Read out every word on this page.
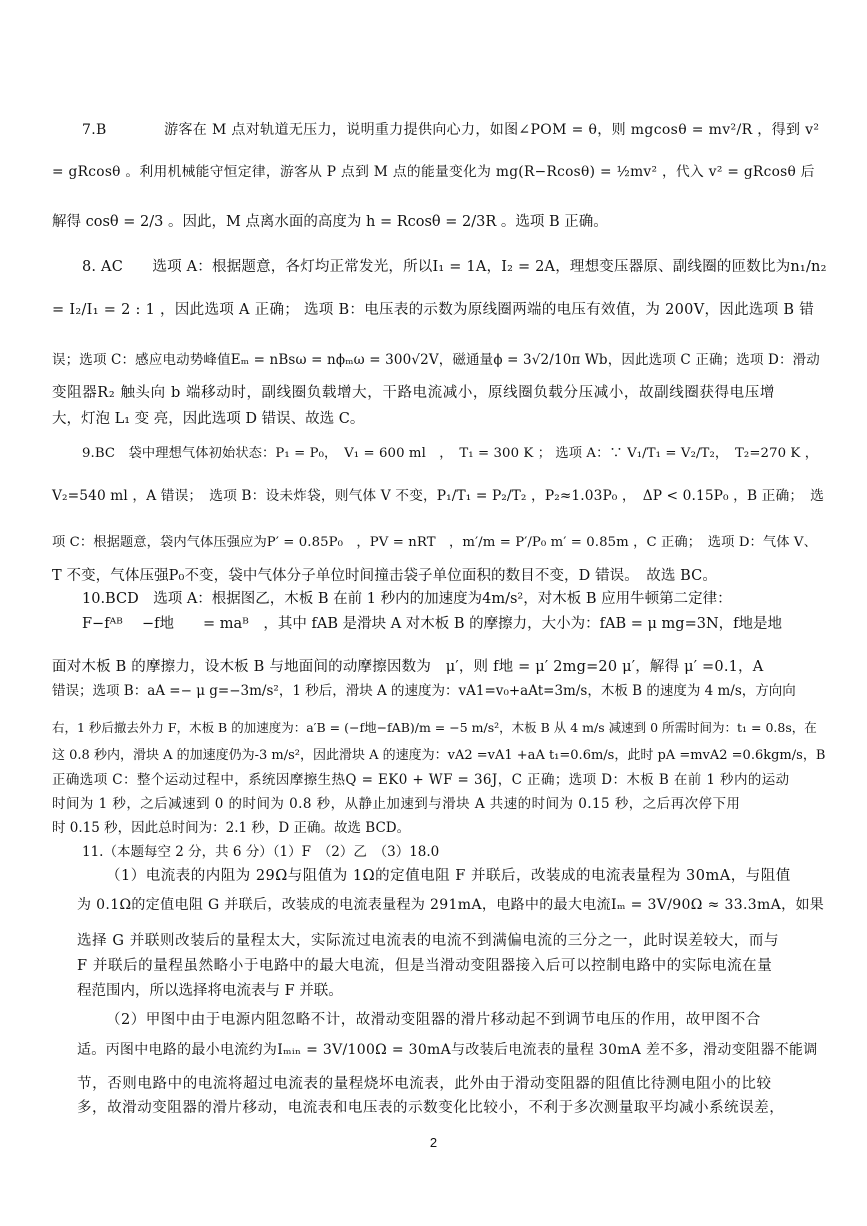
7.B　　　　游客在 M 点对轨道无压力，说明重力提供向心力，如图∠POM = θ，则 mgcosθ = mv²/R ，得到 v²
= gRcosθ 。利用机械能守恒定律，游客从 P 点到 M 点的能量变化为 mg(R−Rcosθ) = ½mv² ，代入 v² = gRcosθ 后
解得 cosθ = 2/3 。因此，M 点离水面的高度为 h = Rcosθ = 2/3R 。选项 B 正确。
8. AC　　选项 A：根据题意，各灯均正常发光，所以I₁ = 1A，I₂ = 2A，理想变压器原、副线圈的匝数比为n₁/n₂
= I₂/I₁ = 2 : 1 ，因此选项 A 正确； 选项 B：电压表的示数为原线圈两端的电压有效值，为 200V，因此选项 B 错
误；选项 C：感应电动势峰值Eₘ = nBsω = nϕₘω = 300√2V，磁通量ϕ = 3√2/10π Wb，因此选项 C 正确；选项 D：滑动
变阻器R₂ 触头向 b 端移动时，副线圈负载增大，干路电流减小，原线圈负载分压减小，故副线圈获得电压增
大，灯泡 L₁ 变 亮，因此选项 D 错误、故选 C。
9.BC　袋中理想气体初始状态：P₁ = P₀，　V₁ = 600 ml　，　T₁ = 300 K ； 选项 A：∵ V₁/T₁ = V₂/T₂，　T₂=270 K ，
V₂=540 ml ，A 错误；　选项 B：设未炸袋，则气体 V 不变，P₁/T₁ = P₂/T₂ ，P₂≈1.03P₀ ，　ΔP < 0.15P₀ ，B 正确；　选
项 C：根据题意，袋内气体压强应为P′ = 0.85P₀　，PV = nRT　，m′/m = P′/P₀ m′ = 0.85m ，C 正确；　选项 D：气体 V、
T 不变，气体压强P₀不变，袋中气体分子单位时间撞击袋子单位面积的数目不变，D 错误。　故选 BC。
10.BCD　选项 A：根据图乙，木板 B 在前 1 秒内的加速度为4m/s²，对木板 B 应用牛顿第二定律：
F−fᴬᴮ　 −f地　　= maᴮ　，其中 fAB 是滑块 A 对木板 B 的摩擦力，大小为：fAB = μ mg=3N，f地是地
面对木板 B 的摩擦力，设木板 B 与地面间的动摩擦因数为　μ′，则 f地 = μ′ 2mg=20 μ′，解得 μ′ =0.1，A
错误；选项 B：aA =− μ g=−3m/s²，1 秒后，滑块 A 的速度为：vA1=v₀+aAt=3m/s，木板 B 的速度为 4 m/s，方向向
右，1 秒后撤去外力 F，木板 B 的加速度为：a′B = (−f地−fAB)/m = −5 m/s²，木板 B 从 4 m/s 减速到 0 所需时间为：t₁ = 0.8s，在
这 0.8 秒内，滑块 A 的加速度仍为-3 m/s²，因此滑块 A 的速度为：vA2 =vA1 +aA t₁=0.6m/s，此时 pA =mvA2 =0.6kgm/s，B
正确选项 C：整个运动过程中，系统因摩擦生热Q = EK0 + WF = 36J，C 正确；选项 D：木板 B 在前 1 秒内的运动
时间为 1 秒，之后减速到 0 的时间为 0.8 秒，从静止加速到与滑块 A 共速的时间为 0.15 秒，之后再次停下用
时 0.15 秒，因此总时间为：2.1 秒，D 正确。故选 BCD。
11.（本题每空 2 分，共 6 分）（1）F　（2）乙　（3）18.0
（1）电流表的内阻为 29Ω与阻值为 1Ω的定值电阻 F 并联后，改装成的电流表量程为 30mA，与阻值
为 0.1Ω的定值电阻 G 并联后，改装成的电流表量程为 291mA，电路中的最大电流Iₘ = 3V/90Ω ≈ 33.3mA，如果
选择 G 并联则改装后的量程太大，实际流过电流表的电流不到满偏电流的三分之一，此时误差较大，而与
F 并联后的量程虽然略小于电路中的最大电流，但是当滑动变阻器接入后可以控制电路中的实际电流在量
程范围内，所以选择将电流表与 F 并联。
（2）甲图中由于电源内阻忽略不计，故滑动变阻器的滑片移动起不到调节电压的作用，故甲图不合
适。丙图中电路的最小电流约为Iₘᵢₙ = 3V/100Ω = 30mA与改装后电流表的量程 30mA 差不多，滑动变阻器不能调
节，否则电路中的电流将超过电流表的量程烧坏电流表，此外由于滑动变阻器的阻值比待测电阻小的比较
多，故滑动变阻器的滑片移动，电流表和电压表的示数变化比较小，不利于多次测量取平均减小系统误差，
2
